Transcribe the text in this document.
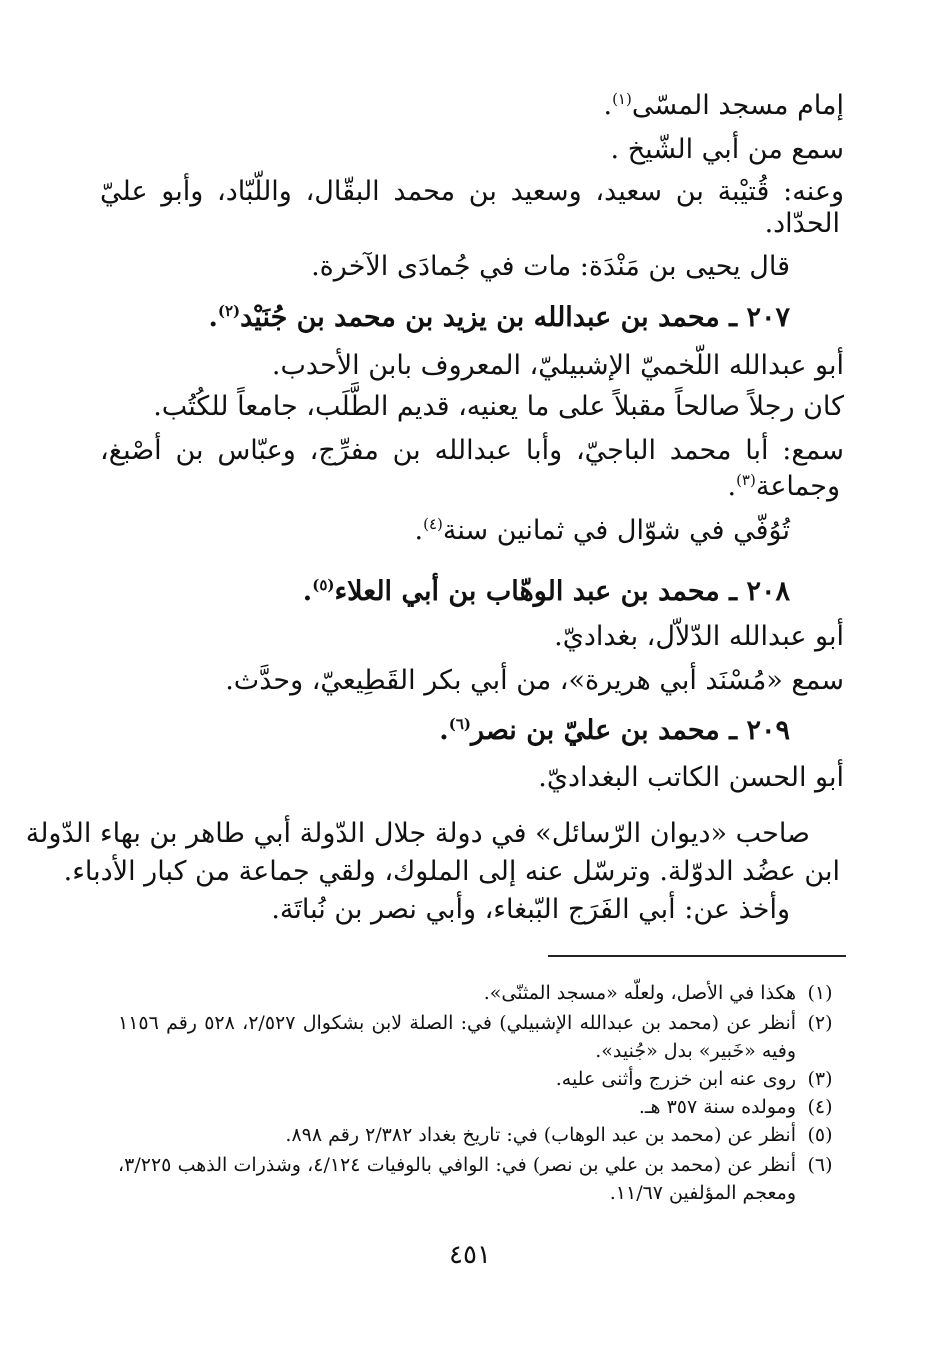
إمام مسجد المسّى$^{(١)}$.
سمع من أبي الشّيخ .
وعنه: قُتيْبة بن سعيد، وسعيد بن محمد البقّال، واللّبّاد، وأبو عليّ
الحدّاد.
قال يحيى بن مَنْدَة: مات في جُمادَى الآخرة.
٢٠٧ ـ محمد بن عبدالله بن يزيد بن محمد بن جُنَيْد$^{(٢)}$.
أبو عبدالله اللّخميّ الإشبيليّ، المعروف بابن الأحدب.
كان رجلاً صالحاً مقبلاً على ما يعنيه، قديم الطَّلَب، جامعاً للكُتُب.
سمع: أبا محمد الباجيّ، وأبا عبدالله بن مفرِّج، وعبّاس بن أصْبغ،
وجماعة$^{(٣)}$.
تُوُفّي في شوّال في ثمانين سنة$^{(٤)}$.
٢٠٨ ـ محمد بن عبد الوهّاب بن أبي العلاء$^{(٥)}$.
أبو عبدالله الدّلاّل، بغداديّ.
سمع «مُسْنَد أبي هريرة»، من أبي بكر القَطِيعيّ، وحدَّث.
٢٠٩ ـ محمد بن عليّ بن نصر$^{(٦)}$.
أبو الحسن الكاتب البغداديّ.
صاحب «ديوان الرّسائل» في دولة جلال الدّولة أبي طاهر بن بهاء الدّولة
ابن عضُد الدوّلة. وترسّل عنه إلى الملوك، ولقي جماعة من كبار الأدباء.
وأخذ عن: أبي الفَرَج البّبغاء، وأبي نصر بن نُباتَة.
(١)هكذا في الأصل، ولعلّه «مسجد المثنّى».
(٢)
أنظر عن (محمد بن عبدالله الإشبيلي) في: الصلة لابن بشكوال ٢/٥٢٧، ٥٢٨ رقم ١١٥٦
وفيه «خَبير» بدل «جُنيد».
(٣)روى عنه ابن خزرج وأثنى عليه.
(٤)ومولده سنة ٣٥٧ هـ.
(٥)أنظر عن (محمد بن عبد الوهاب) في: تاريخ بغداد ٢/٣٨٢ رقم ٨٩٨.
(٦)
أنظر عن (محمد بن علي بن نصر) في: الوافي بالوفيات ٤/١٢٤، وشذرات الذهب ٣/٢٢٥،
ومعجم المؤلفين ١١/٦٧.
٤٥١
